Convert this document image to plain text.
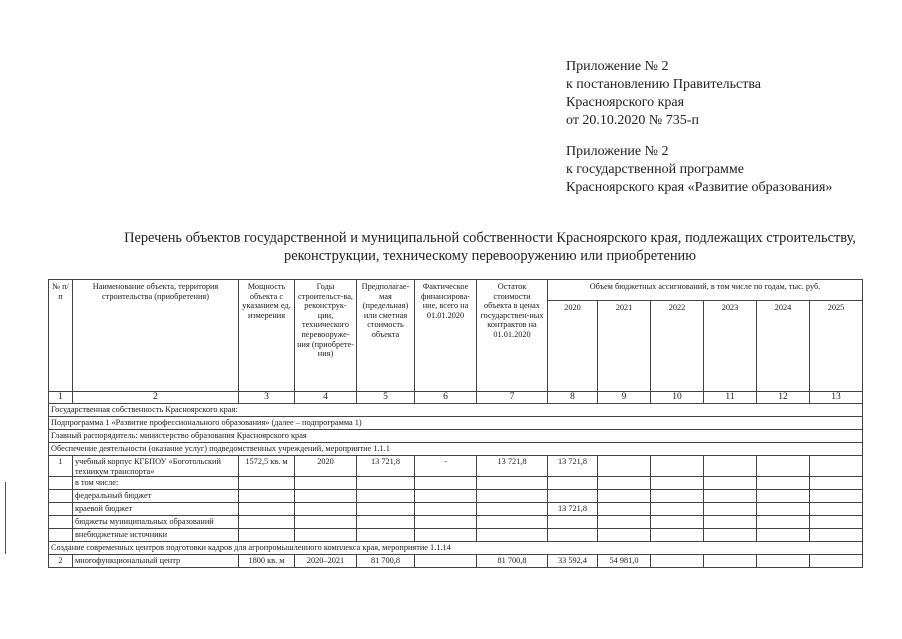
Приложение № 2
к постановлению Правительства
Красноярского края
от 20.10.2020 № 735-п
Приложение № 2
к государственной программе
Красноярского края «Развитие образования»
Перечень объектов государственной и муниципальной собственности Красноярского края, подлежащих строительству,
реконструкции, техническому перевооружению или приобретению
№ п/п	Наименование объекта, территория строительства (приобретения)	Мощность объекта с указанием ед. измерения	Годы строительст-ва, реконструк-ции, технического перевооруже-ния (приобрете-ния)	Предполагае-мая (предельная) или сметная стоимость объекта	Фактическое финансирова-ние, всего на 01.01.2020	Остаток стоимости объекта в ценах государствен-ных контрактов на 01.01.2020	Объем бюджетных ассигнований, в том числе по годам, тыс. руб.					
							2020	2021	2022	2023	2024	2025
1	2	3	4	5	6	7	8	9	10	11	12	13
Государственная собственность Красноярского края:												
Подпрограмма 1 «Развитие профессионального образования» (далее – подпрограмма 1)												
Главный распорядитель: министерство образования Красноярского края												
Обеспечение деятельности (оказание услуг) подведомственных учреждений, мероприятие 1.1.1												
1	учебный корпус КГБПОУ «Боготольский техникум транспорта»	1572,5 кв. м	2020	13 721,8	-	13 721,8	13 721,8					
	в том числе:											
	федеральный бюджет											
	краевой бюджет						13 721,8					
	бюджеты муниципальных образований											
	внебюджетные источники											
Создание современных центров подготовки кадров для агропромышленного комплекса края, мероприятие 1.1.14												
2	многофункциональный центр	1800 кв. м	2020–2021	81 700,8		81 700,8	33 592,4	54 981,0				
